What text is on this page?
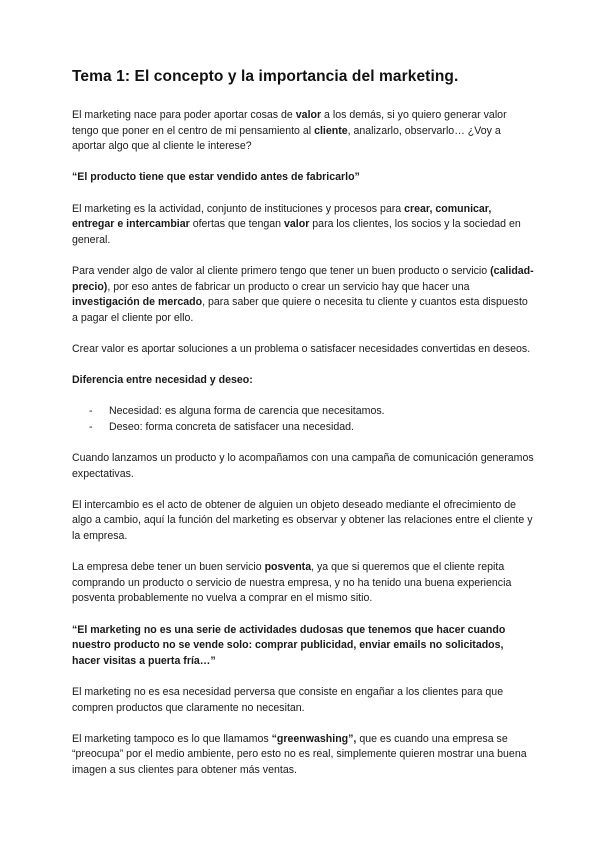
Tema 1: El concepto y la importancia del marketing.

El marketing nace para poder aportar cosas de valor a los demás, si yo quiero generar valor tengo que poner en el centro de mi pensamiento al cliente, analizarlo, observarlo… ¿Voy a aportar algo que al cliente le interese?

“El producto tiene que estar vendido antes de fabricarlo”

El marketing es la actividad, conjunto de instituciones y procesos para crear, comunicar, entregar e intercambiar ofertas que tengan valor para los clientes, los socios y la sociedad en general.

Para vender algo de valor al cliente primero tengo que tener un buen producto o servicio (calidad-precio), por eso antes de fabricar un producto o crear un servicio hay que hacer una investigación de mercado, para saber que quiere o necesita tu cliente y cuantos esta dispuesto a pagar el cliente por ello.

Crear valor es aportar soluciones a un problema o satisfacer necesidades convertidas en deseos.

Diferencia entre necesidad y deseo:

- Necesidad: es alguna forma de carencia que necesitamos.
- Deseo: forma concreta de satisfacer una necesidad.

Cuando lanzamos un producto y lo acompañamos con una campaña de comunicación generamos expectativas.

El intercambio es el acto de obtener de alguien un objeto deseado mediante el ofrecimiento de algo a cambio, aquí la función del marketing es observar y obtener las relaciones entre el cliente y la empresa.

La empresa debe tener un buen servicio posventa, ya que si queremos que el cliente repita comprando un producto o servicio de nuestra empresa, y no ha tenido una buena experiencia posventa probablemente no vuelva a comprar en el mismo sitio.

“El marketing no es una serie de actividades dudosas que tenemos que hacer cuando nuestro producto no se vende solo: comprar publicidad, enviar emails no solicitados, hacer visitas a puerta fría…”

El marketing no es esa necesidad perversa que consiste en engañar a los clientes para que compren productos que claramente no necesitan.

El marketing tampoco es lo que llamamos “greenwashing”, que es cuando una empresa se “preocupa” por el medio ambiente, pero esto no es real, simplemente quieren mostrar una buena imagen a sus clientes para obtener más ventas.
